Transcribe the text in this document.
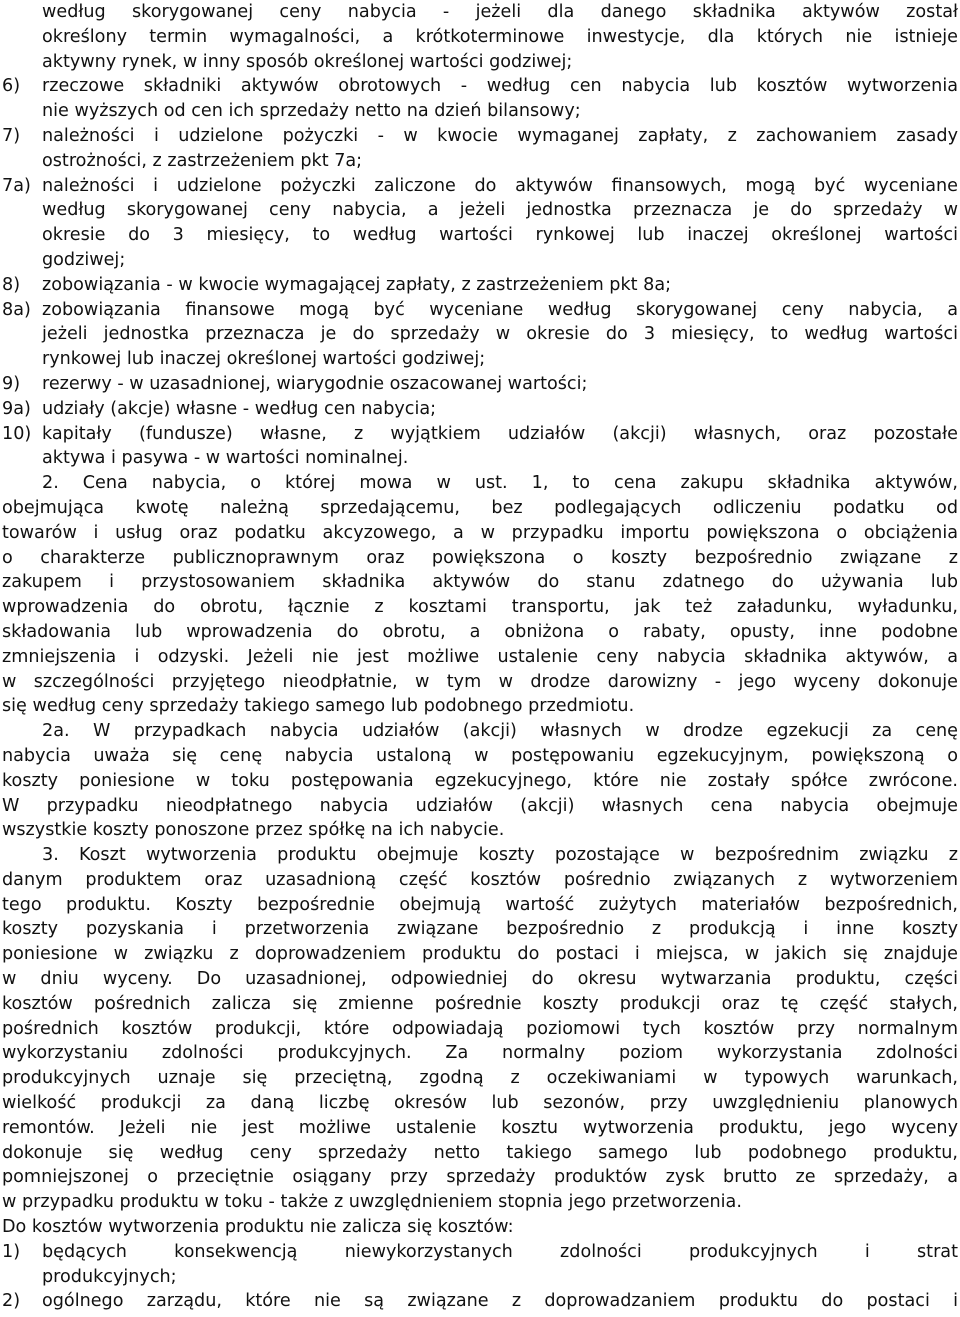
według skorygowanej ceny nabycia - jeżeli dla danego składnika aktywów został
określony termin wymagalności, a krótkoterminowe inwestycje, dla których nie istnieje
aktywny rynek, w inny sposób określonej wartości godziwej;
6)	rzeczowe składniki aktywów obrotowych - według cen nabycia lub kosztów wytworzenia
nie wyższych od cen ich sprzedaży netto na dzień bilansowy;
7)	należności i udzielone pożyczki - w kwocie wymaganej zapłaty, z zachowaniem zasady
ostrożności, z zastrzeżeniem pkt 7a;
7a) należności i udzielone pożyczki zaliczone do aktywów finansowych, mogą być wyceniane
według skorygowanej ceny nabycia, a jeżeli jednostka przeznacza je do sprzedaży w
okresie do 3 miesięcy, to według wartości rynkowej lub inaczej określonej wartości
godziwej;
8)	zobowiązania - w kwocie wymagającej zapłaty, z zastrzeżeniem pkt 8a;
8a) zobowiązania finansowe mogą być wyceniane według skorygowanej ceny nabycia, a
jeżeli jednostka przeznacza je do sprzedaży w okresie do 3 miesięcy, to według wartości
rynkowej lub inaczej określonej wartości godziwej;
9)	rezerwy - w uzasadnionej, wiarygodnie oszacowanej wartości;
9a) udziały (akcje) własne - według cen nabycia;
10) kapitały (fundusze) własne, z wyjątkiem udziałów (akcji) własnych, oraz pozostałe
aktywa i pasywa - w wartości nominalnej.
2. Cena nabycia, o której mowa w ust. 1, to cena zakupu składnika aktywów,
obejmująca kwotę należną sprzedającemu, bez podlegających odliczeniu podatku od
towarów i usług oraz podatku akcyzowego, a w przypadku importu powiększona o obciążenia
o charakterze publicznoprawnym oraz powiększona o koszty bezpośrednio związane z
zakupem i przystosowaniem składnika aktywów do stanu zdatnego do używania lub
wprowadzenia do obrotu, łącznie z kosztami transportu, jak też załadunku, wyładunku,
składowania lub wprowadzenia do obrotu, a obniżona o rabaty, opusty, inne podobne
zmniejszenia i odzyski. Jeżeli nie jest możliwe ustalenie ceny nabycia składnika aktywów, a
w szczególności przyjętego nieodpłatnie, w tym w drodze darowizny - jego wyceny dokonuje
się według ceny sprzedaży takiego samego lub podobnego przedmiotu.
2a. W przypadkach nabycia udziałów (akcji) własnych w drodze egzekucji za cenę
nabycia uważa się cenę nabycia ustaloną w postępowaniu egzekucyjnym, powiększoną o
koszty poniesione w toku postępowania egzekucyjnego, które nie zostały spółce zwrócone.
W przypadku nieodpłatnego nabycia udziałów (akcji) własnych cena nabycia obejmuje
wszystkie koszty ponoszone przez spółkę na ich nabycie.
3. Koszt wytworzenia produktu obejmuje koszty pozostające w bezpośrednim związku z
danym produktem oraz uzasadnioną część kosztów pośrednio związanych z wytworzeniem
tego produktu. Koszty bezpośrednie obejmują wartość zużytych materiałów bezpośrednich,
koszty pozyskania i przetworzenia związane bezpośrednio z produkcją i inne koszty
poniesione w związku z doprowadzeniem produktu do postaci i miejsca, w jakich się znajduje
w dniu wyceny. Do uzasadnionej, odpowiedniej do okresu wytwarzania produktu, części
kosztów pośrednich zalicza się zmienne pośrednie koszty produkcji oraz tę część stałych,
pośrednich kosztów produkcji, które odpowiadają poziomowi tych kosztów przy normalnym
wykorzystaniu zdolności produkcyjnych. Za normalny poziom wykorzystania zdolności
produkcyjnych uznaje się przeciętną, zgodną z oczekiwaniami w typowych warunkach,
wielkość produkcji za daną liczbę okresów lub sezonów, przy uwzględnieniu planowych
remontów. Jeżeli nie jest możliwe ustalenie kosztu wytworzenia produktu, jego wyceny
dokonuje się według ceny sprzedaży netto takiego samego lub podobnego produktu,
pomniejszonej o przeciętnie osiągany przy sprzedaży produktów zysk brutto ze sprzedaży, a
w przypadku produktu w toku - także z uwzględnieniem stopnia jego przetworzenia.
Do kosztów wytworzenia produktu nie zalicza się kosztów:
1)	będących konsekwencją niewykorzystanych zdolności produkcyjnych i strat
produkcyjnych;
2)	ogólnego zarządu, które nie są związane z doprowadzaniem produktu do postaci i
